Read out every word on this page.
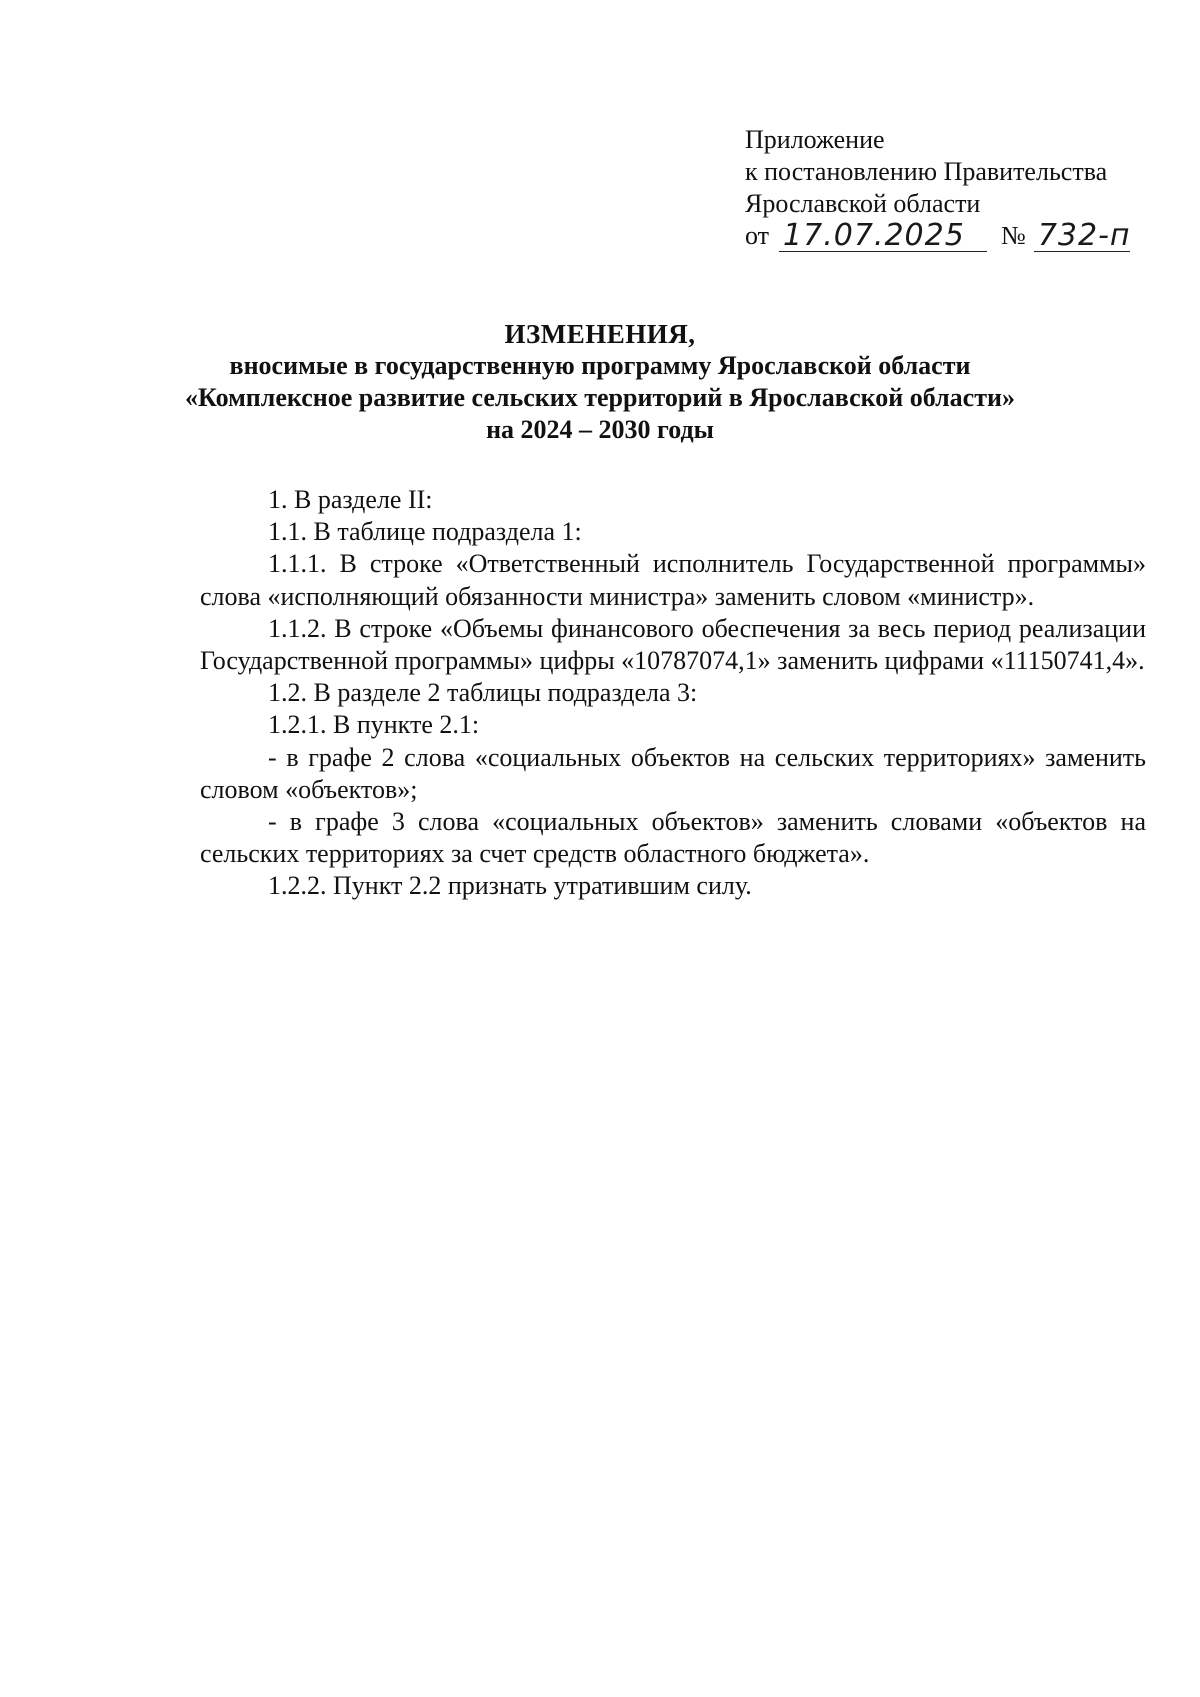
Приложение
к постановлению Правительства
Ярославской области
от 17.07.2025	№ 732-п
ИЗМЕНЕНИЯ,
вносимые в государственную программу Ярославской области
«Комплексное развитие сельских территорий в Ярославской области»
на 2024 – 2030 годы

1. В разделе II:

1.1. В таблице подраздела 1:

1.1.1. В строке «Ответственный исполнитель Государственной программы» слова «исполняющий обязанности министра» заменить словом «министр».

1.1.2. В строке «Объемы финансового обеспечения за весь период реализации Государственной программы» цифры «10787074,1» заменить цифрами «11150741,4».

1.2. В разделе 2 таблицы подраздела 3:

1.2.1. В пункте 2.1:

- в графе 2 слова «социальных объектов на сельских территориях» заменить словом «объектов»;

- в графе 3 слова «социальных объектов» заменить словами «объектов на сельских территориях за счет средств областного бюджета».

1.2.2. Пункт 2.2 признать утратившим силу.
